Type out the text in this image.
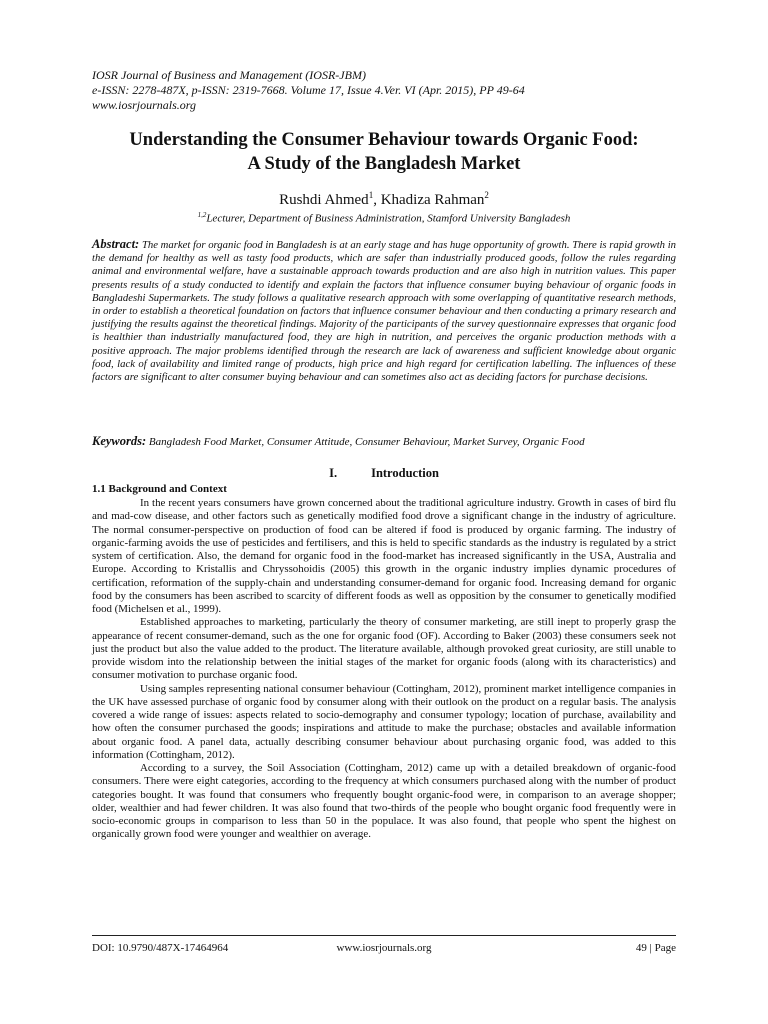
IOSR Journal of Business and Management (IOSR-JBM)
e-ISSN: 2278-487X, p-ISSN: 2319-7668. Volume 17, Issue 4.Ver. VI (Apr. 2015), PP 49-64
www.iosrjournals.org
Understanding the Consumer Behaviour towards Organic Food:
A Study of the Bangladesh Market
Rushdi Ahmed$^1$, Khadiza Rahman$^2$
$^{1,2}$Lecturer, Department of Business Administration, Stamford University Bangladesh
Abstract: The market for organic food in Bangladesh is at an early stage and has huge opportunity of growth. There is rapid growth in the demand for healthy as well as tasty food products, which are safer than industrially produced goods, follow the rules regarding animal and environmental welfare, have a sustainable approach towards production and are also high in nutrition values. This paper presents results of a study conducted to identify and explain the factors that influence consumer buying behaviour of organic foods in Bangladeshi Supermarkets. The study follows a qualitative research approach with some overlapping of quantitative research methods, in order to establish a theoretical foundation on factors that influence consumer behaviour and then conducting a primary research and justifying the results against the theoretical findings. Majority of the participants of the survey questionnaire expresses that organic food is healthier than industrially manufactured food, they are high in nutrition, and perceives the organic production methods with a positive approach. The major problems identified through the research are lack of awareness and sufficient knowledge about organic food, lack of availability and limited range of products, high price and high regard for certification labelling. The influences of these factors are significant to alter consumer buying behaviour and can sometimes also act as deciding factors for purchase decisions.
Keywords: Bangladesh Food Market, Consumer Attitude, Consumer Behaviour, Market Survey, Organic Food
I.	Introduction
1.1 Background and Context

In the recent years consumers have grown concerned about the traditional agriculture industry. Growth in cases of bird flu and mad-cow disease, and other factors such as genetically modified food drove a significant change in the industry of agriculture. The normal consumer-perspective on production of food can be altered if food is produced by organic farming. The industry of organic-farming avoids the use of pesticides and fertilisers, and this is held to specific standards as the industry is regulated by a strict system of certification. Also, the demand for organic food in the food-market has increased significantly in the USA, Australia and Europe. According to Kristallis and Chryssohoidis (2005) this growth in the organic industry implies dynamic procedures of certification, reformation of the supply-chain and understanding consumer-demand for organic food. Increasing demand for organic food by the consumers has been ascribed to scarcity of different foods as well as opposition by the consumer to genetically modified food (Michelsen et al., 1999).

Established approaches to marketing, particularly the theory of consumer marketing, are still inept to properly grasp the appearance of recent consumer-demand, such as the one for organic food (OF). According to Baker (2003) these consumers seek not just the product but also the value added to the product. The literature available, although provoked great curiosity, are still unable to provide wisdom into the relationship between the initial stages of the market for organic foods (along with its characteristics) and consumer motivation to purchase organic food.

Using samples representing national consumer behaviour (Cottingham, 2012), prominent market intelligence companies in the UK have assessed purchase of organic food by consumer along with their outlook on the product on a regular basis. The analysis covered a wide range of issues: aspects related to socio-demography and consumer typology; location of purchase, availability and how often the consumer purchased the goods; inspirations and attitude to make the purchase; obstacles and available information about organic food. A panel data, actually describing consumer behaviour about purchasing organic food, was added to this information (Cottingham, 2012).

According to a survey, the Soil Association (Cottingham, 2012) came up with a detailed breakdown of organic-food consumers. There were eight categories, according to the frequency at which consumers purchased along with the number of product categories bought. It was found that consumers who frequently bought organic-food were, in comparison to an average shopper; older, wealthier and had fewer children. It was also found that two-thirds of the people who bought organic food frequently were in socio-economic groups in comparison to less than 50 in the populace. It was also found, that people who spent the highest on organically grown food were younger and wealthier on average.

DOI: 10.9790/487X-17464964	www.iosrjournals.org	49 | Page
